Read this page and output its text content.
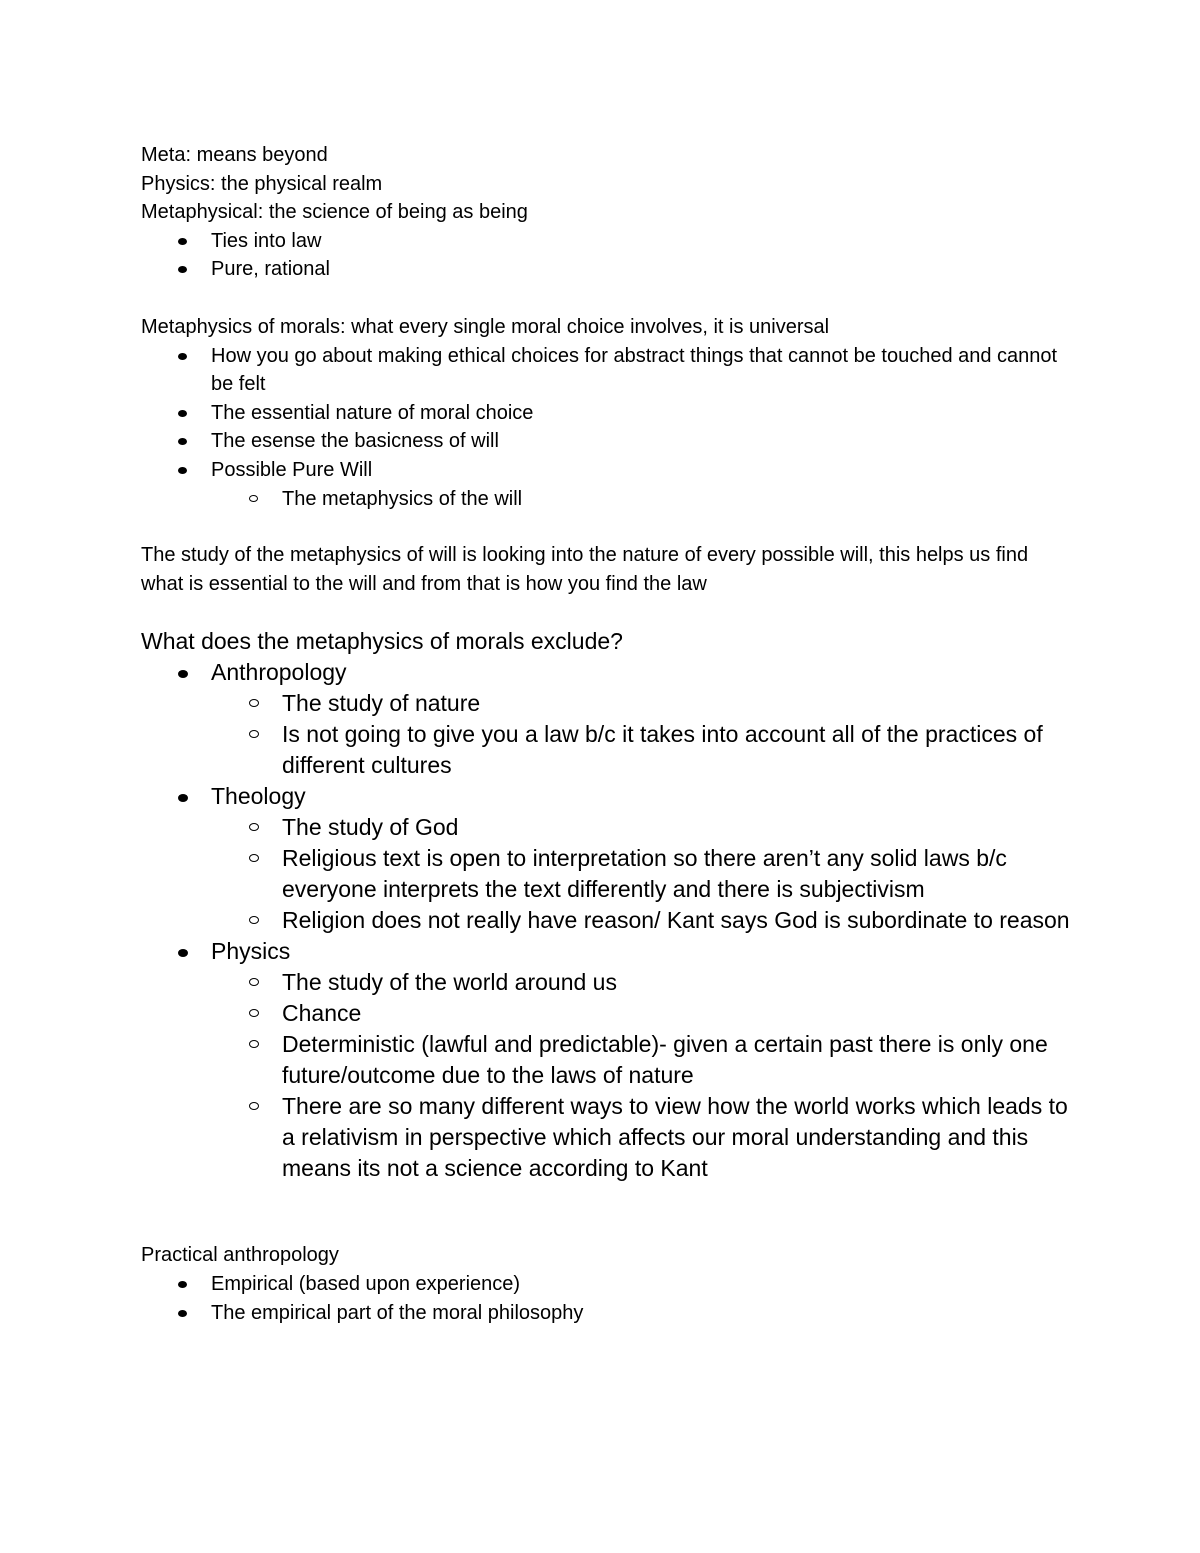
Meta: means beyond

Physics: the physical realm

Metaphysical: the science of being as being

Ties into law
Pure, rational

Metaphysics of morals: what every single moral choice involves, it is universal

How you go about making ethical choices for abstract things that cannot be touched and cannot be felt
The essential nature of moral choice
The esense the basicness of will
Possible Pure Will
The metaphysics of the will

The study of the metaphysics of will is looking into the nature of every possible will, this helps us find what is essential to the will and from that is how you find the law

What does the metaphysics of morals exclude?

Anthropology
The study of nature
Is not going to give you a law b/c it takes into account all of the practices of different cultures
Theology
The study of God
Religious text is open to interpretation so there aren’t any solid laws b/c everyone interprets the text differently and there is subjectivism
Religion does not really have reason/ Kant says God is subordinate to reason
Physics
The study of the world around us
Chance
Deterministic (lawful and predictable)- given a certain past there is only one future/outcome due to the laws of nature
There are so many different ways to view how the world works which leads to a relativism in perspective which affects our moral understanding and this means its not a science according to Kant

Practical anthropology

Empirical (based upon experience)
The empirical part of the moral philosophy
